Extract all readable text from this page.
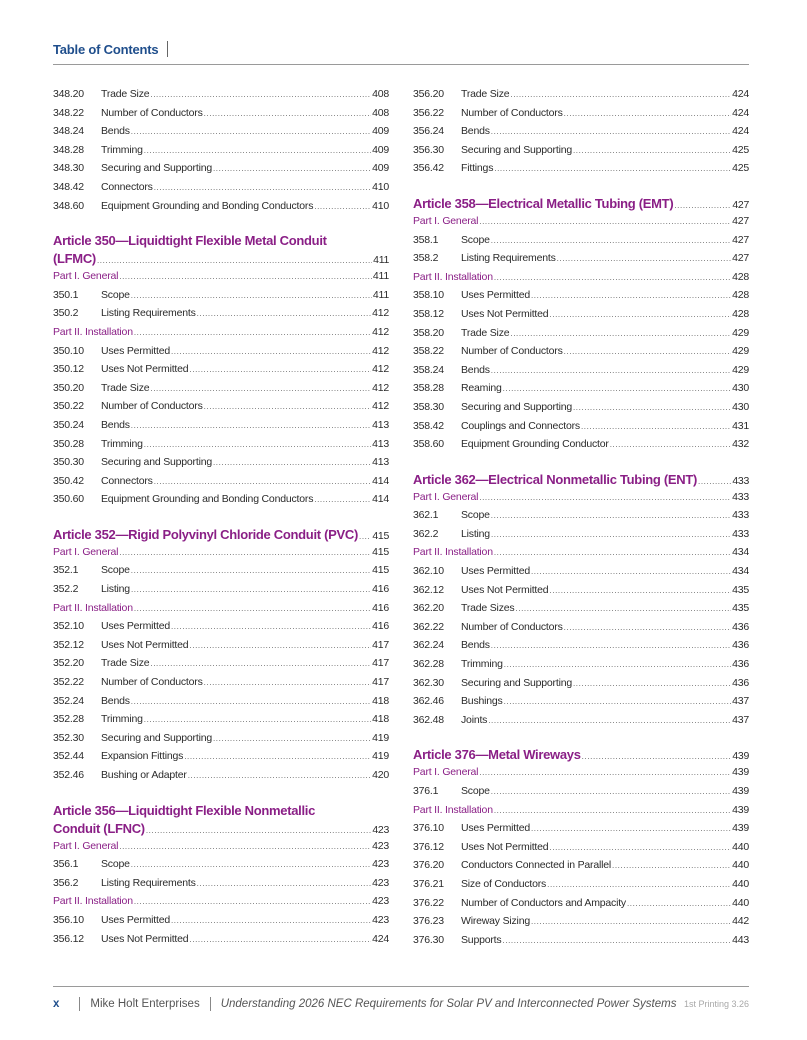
Table of Contents
348.20	Trade Size .....	408
348.22	Number of Conductors .....	408
348.24	Bends .....	409
348.28	Trimming .....	409
348.30	Securing and Supporting .....	409
348.42	Connectors .....	410
348.60	Equipment Grounding and Bonding Conductors .....	410
Article 350—Liquidtight Flexible Metal Conduit
(LFMC) .....	411
Part I. General .....	411
350.1	Scope .....	411
350.2	Listing Requirements .....	412
Part II. Installation .....	412
350.10	Uses Permitted .....	412
350.12	Uses Not Permitted .....	412
350.20	Trade Size .....	412
350.22	Number of Conductors .....	412
350.24	Bends .....	413
350.28	Trimming .....	413
350.30	Securing and Supporting .....	413
350.42	Connectors .....	414
350.60	Equipment Grounding and Bonding Conductors .....	414
Article 352—Rigid Polyvinyl Chloride Conduit (PVC) ..... 415
Part I. General .....	415
352.1	Scope .....	415
352.2	Listing .....	416
Part II. Installation .....	416
352.10	Uses Permitted .....	416
352.12	Uses Not Permitted .....	417
352.20	Trade Size .....	417
352.22	Number of Conductors .....	417
352.24	Bends .....	418
352.28	Trimming .....	418
352.30	Securing and Supporting .....	419
352.44	Expansion Fittings .....	419
352.46	Bushing or Adapter .....	420
Article 356—Liquidtight Flexible Nonmetallic
Conduit (LFNC) .....	423
Part I. General .....	423
356.1	Scope .....	423
356.2	Listing Requirements .....	423
Part II. Installation .....	423
356.10	Uses Permitted .....	423
356.12	Uses Not Permitted .....	424
356.20	Trade Size .....	424
356.22	Number of Conductors .....	424
356.24	Bends .....	424
356.30	Securing and Supporting .....	425
356.42	Fittings .....	425
Article 358—Electrical Metallic Tubing (EMT) .....	427
Part I. General .....	427
358.1	Scope .....	427
358.2	Listing Requirements .....	427
Part II. Installation .....	428
358.10	Uses Permitted .....	428
358.12	Uses Not Permitted .....	428
358.20	Trade Size .....	429
358.22	Number of Conductors .....	429
358.24	Bends .....	429
358.28	Reaming .....	430
358.30	Securing and Supporting .....	430
358.42	Couplings and Connectors .....	431
358.60	Equipment Grounding Conductor .....	432
Article 362—Electrical Nonmetallic Tubing (ENT) .....	433
Part I. General .....	433
362.1	Scope .....	433
362.2	Listing .....	433
Part II. Installation .....	434
362.10	Uses Permitted .....	434
362.12	Uses Not Permitted .....	435
362.20	Trade Sizes .....	435
362.22	Number of Conductors .....	436
362.24	Bends .....	436
362.28	Trimming .....	436
362.30	Securing and Supporting .....	436
362.46	Bushings .....	437
362.48	Joints .....	437
Article 376—Metal Wireways .....	439
Part I. General .....	439
376.1	Scope .....	439
Part II. Installation .....	439
376.10	Uses Permitted .....	439
376.12	Uses Not Permitted .....	440
376.20	Conductors Connected in Parallel .....	440
376.21	Size of Conductors .....	440
376.22	Number of Conductors and Ampacity .....	440
376.23	Wireway Sizing .....	442
376.30	Supports .....	443
x	Mike Holt Enterprises Understanding 2026 NEC Requirements for Solar PV and Interconnected Power Systems 1st Printing 3.26
